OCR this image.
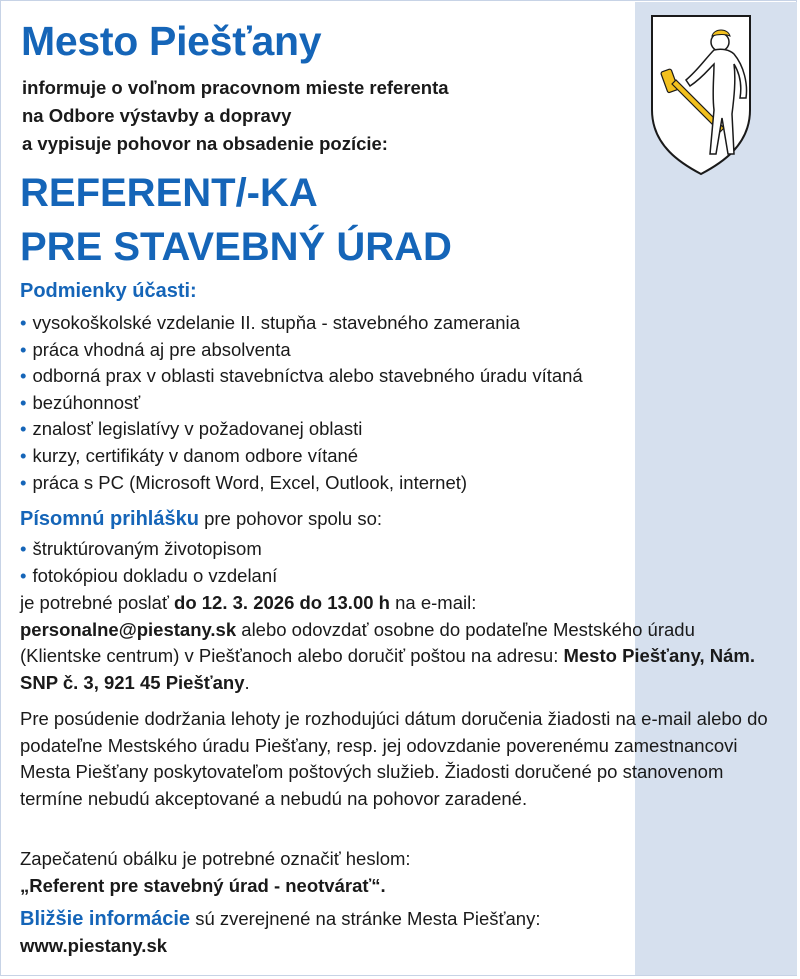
Mesto Piešťany
informuje o voľnom pracovnom mieste referenta
na Odbore výstavby a dopravy
a vypisuje pohovor na obsadenie pozície:
REFERENT/-KA
PRE STAVEBNÝ ÚRAD
Podmienky účasti:
• vysokoškolské vzdelanie II. stupňa - stavebného zamerania
• práca vhodná aj pre absolventa
• odborná prax v oblasti stavebníctva alebo stavebného úradu vítaná
• bezúhonnosť
• znalosť legislatívy v požadovanej oblasti
• kurzy, certifikáty v danom odbore vítané
• práca s PC (Microsoft Word, Excel, Outlook, internet)
Písomnú prihlášku pre pohovor spolu so:
• štruktúrovaným životopisom
• fotokópiou dokladu o vzdelaní
je potrebné poslať do 12. 3. 2026 do 13.00 h na e-mail:
personalne@piestany.sk alebo odovzdať osobne do podateľne Mestského úradu (Klientske centrum) v Piešťanoch alebo doručiť poštou na adresu: Mesto Piešťany, Nám. SNP č. 3, 921 45 Piešťany.
Pre posúdenie dodržania lehoty je rozhodujúci dátum doručenia žiadosti na e-mail alebo do podateľne Mestského úradu Piešťany, resp. jej odovzdanie poverenému zamestnancovi Mesta Piešťany poskytovateľom poštových služieb. Žiadosti doručené po stanovenom termíne nebudú akceptované a nebudú na pohovor zaradené.
Zapečatenú obálku je potrebné označiť heslom:
„Referent pre stavebný úrad - neotvárať“.
Bližšie informácie sú zverejnené na stránke Mesta Piešťany:
www.piestany.sk
